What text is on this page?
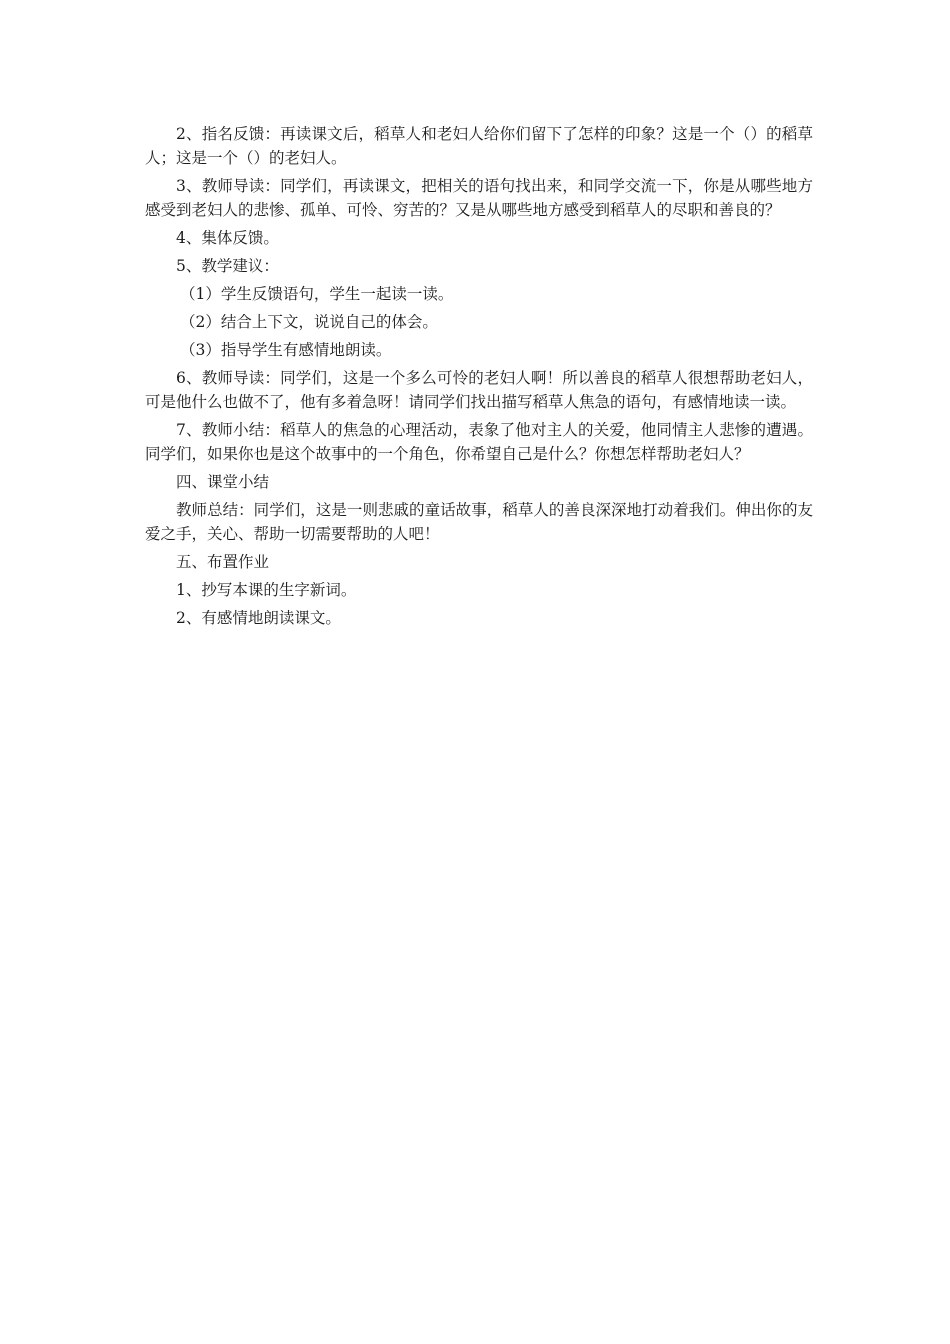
2、指名反馈：再读课文后，稻草人和老妇人给你们留下了怎样的印象？这是一个（）的稻草人；这是一个（）的老妇人。

3、教师导读：同学们，再读课文，把相关的语句找出来，和同学交流一下，你是从哪些地方感受到老妇人的悲惨、孤单、可怜、穷苦的？又是从哪些地方感受到稻草人的尽职和善良的？

4、集体反馈。

5、教学建议：

（1）学生反馈语句，学生一起读一读。

（2）结合上下文，说说自己的体会。

（3）指导学生有感情地朗读。

6、教师导读：同学们，这是一个多么可怜的老妇人啊！所以善良的稻草人很想帮助老妇人，可是他什么也做不了，他有多着急呀！请同学们找出描写稻草人焦急的语句，有感情地读一读。

7、教师小结：稻草人的焦急的心理活动，表象了他对主人的关爱，他同情主人悲惨的遭遇。同学们，如果你也是这个故事中的一个角色，你希望自己是什么？你想怎样帮助老妇人？

四、课堂小结

教师总结：同学们，这是一则悲戚的童话故事，稻草人的善良深深地打动着我们。伸出你的友爱之手，关心、帮助一切需要帮助的人吧！

五、布置作业

1、抄写本课的生字新词。

2、有感情地朗读课文。
